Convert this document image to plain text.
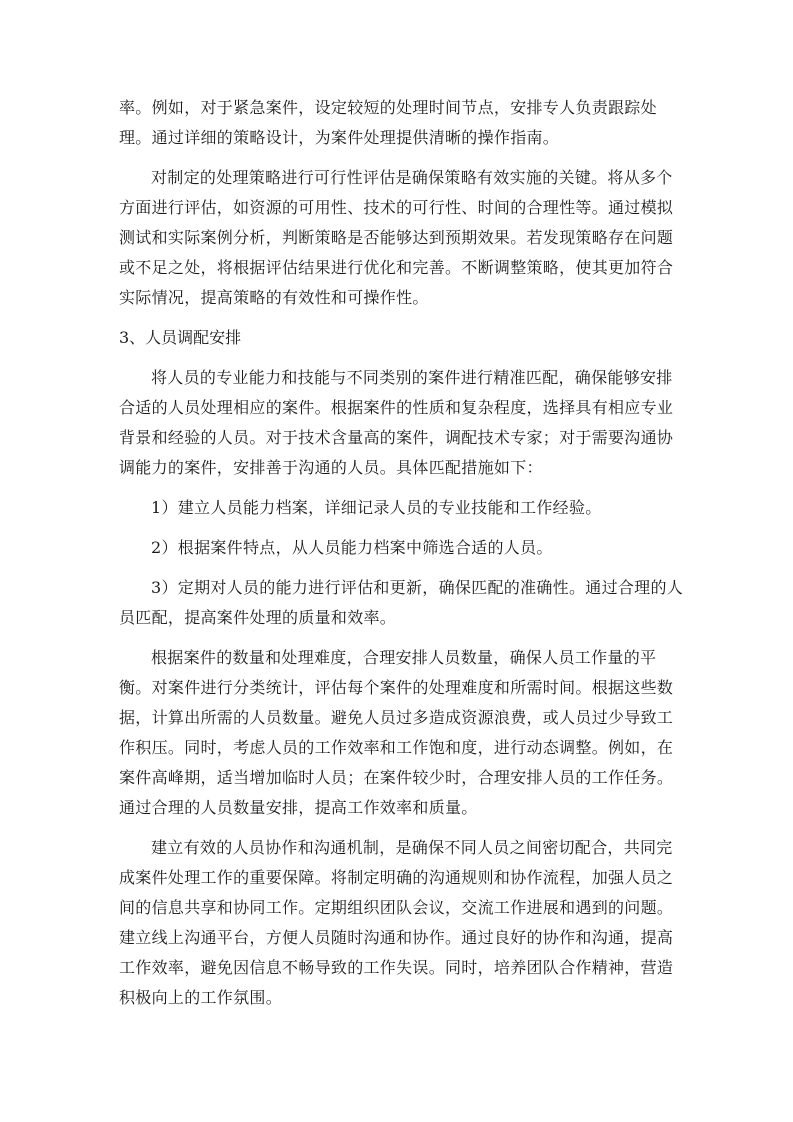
率。例如，对于紧急案件，设定较短的处理时间节点，安排专人负责跟踪处
理。通过详细的策略设计，为案件处理提供清晰的操作指南。
对制定的处理策略进行可行性评估是确保策略有效实施的关键。将从多个
方面进行评估，如资源的可用性、技术的可行性、时间的合理性等。通过模拟
测试和实际案例分析，判断策略是否能够达到预期效果。若发现策略存在问题
或不足之处，将根据评估结果进行优化和完善。不断调整策略，使其更加符合
实际情况，提高策略的有效性和可操作性。
3、人员调配安排
将人员的专业能力和技能与不同类别的案件进行精准匹配，确保能够安排
合适的人员处理相应的案件。根据案件的性质和复杂程度，选择具有相应专业
背景和经验的人员。对于技术含量高的案件，调配技术专家；对于需要沟通协
调能力的案件，安排善于沟通的人员。具体匹配措施如下：
1）建立人员能力档案，详细记录人员的专业技能和工作经验。
2）根据案件特点，从人员能力档案中筛选合适的人员。
3）定期对人员的能力进行评估和更新，确保匹配的准确性。通过合理的人
员匹配，提高案件处理的质量和效率。
根据案件的数量和处理难度，合理安排人员数量，确保人员工作量的平
衡。对案件进行分类统计，评估每个案件的处理难度和所需时间。根据这些数
据，计算出所需的人员数量。避免人员过多造成资源浪费，或人员过少导致工
作积压。同时，考虑人员的工作效率和工作饱和度，进行动态调整。例如，在
案件高峰期，适当增加临时人员；在案件较少时，合理安排人员的工作任务。
通过合理的人员数量安排，提高工作效率和质量。
建立有效的人员协作和沟通机制，是确保不同人员之间密切配合，共同完
成案件处理工作的重要保障。将制定明确的沟通规则和协作流程，加强人员之
间的信息共享和协同工作。定期组织团队会议，交流工作进展和遇到的问题。
建立线上沟通平台，方便人员随时沟通和协作。通过良好的协作和沟通，提高
工作效率，避免因信息不畅导致的工作失误。同时，培养团队合作精神，营造
积极向上的工作氛围。
